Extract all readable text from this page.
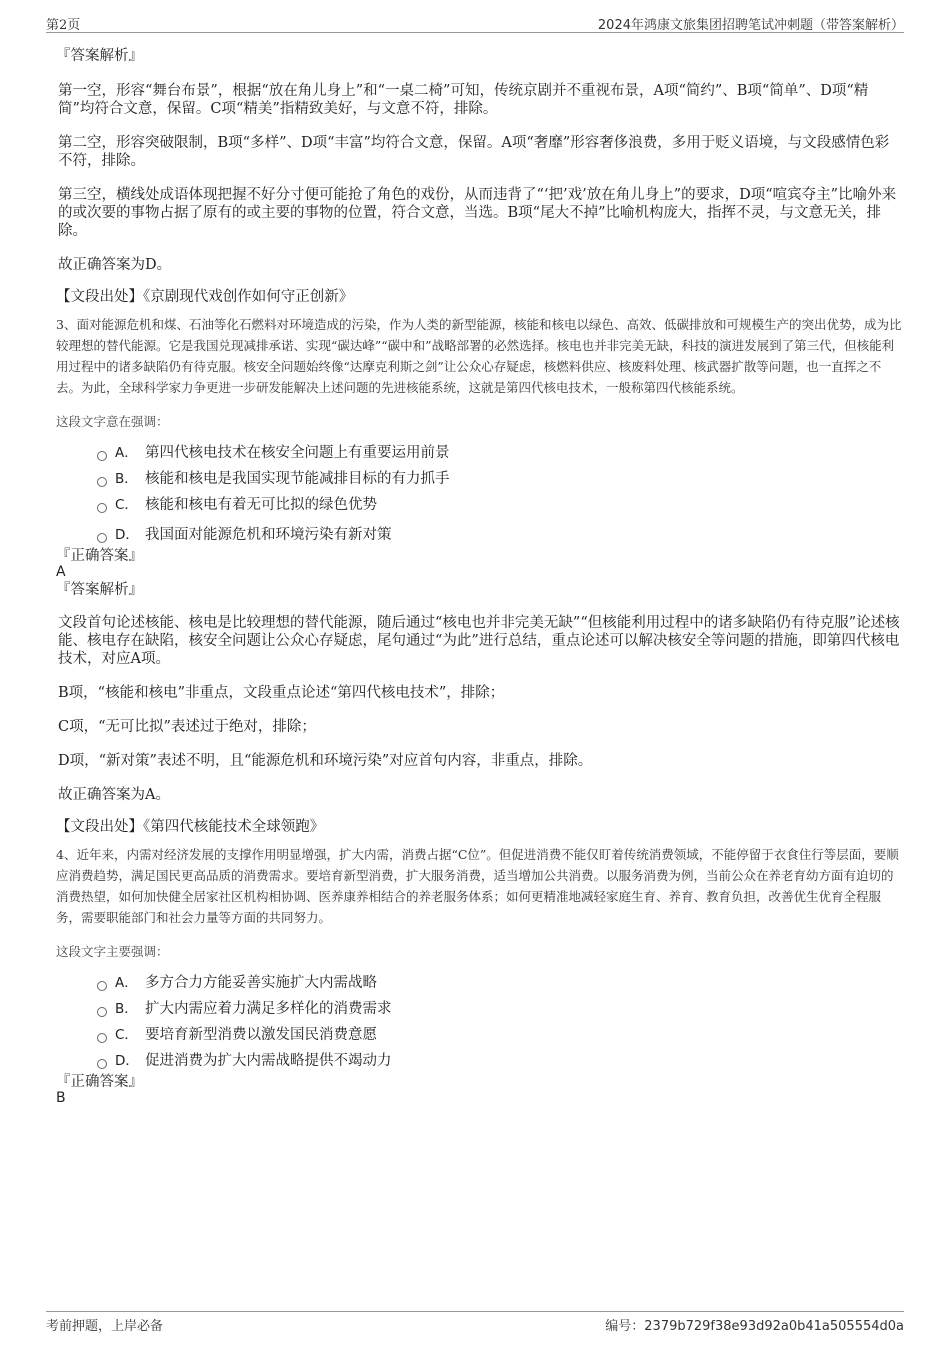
第2页	2024年鸿康文旅集团招聘笔试冲刺题（带答案解析）

『答案解析』

第一空，形容“舞台布景”，根据“放在角儿身上”和“一桌二椅”可知，传统京剧并不重视布景，A项“简约”、B项“简单”、D项“精简”均符合文意，保留。C项“精美”指精致美好，与文意不符，排除。

第二空，形容突破限制，B项“多样”、D项“丰富”均符合文意，保留。A项“奢靡”形容奢侈浪费，多用于贬义语境，与文段感情色彩不符，排除。

第三空，横线处成语体现把握不好分寸便可能抢了角色的戏份，从而违背了“‘把’戏’放在角儿身上”的要求，D项“喧宾夺主”比喻外来的或次要的事物占据了原有的或主要的事物的位置，符合文意，当选。B项“尾大不掉”比喻机构庞大，指挥不灵，与文意无关，排除。

故正确答案为D。

【文段出处】《京剧现代戏创作如何守正创新》

3、面对能源危机和煤、石油等化石燃料对环境造成的污染，作为人类的新型能源，核能和核电以绿色、高效、低碳排放和可规模生产的突出优势，成为比较理想的替代能源。它是我国兑现减排承诺、实现“碳达峰”“碳中和”战略部署的必然选择。核电也并非完美无缺，科技的演进发展到了第三代，但核能利用过程中的诸多缺陷仍有待克服。核安全问题始终像“达摩克利斯之剑”让公众心存疑虑，核燃料供应、核废料处理、核武器扩散等问题，也一直挥之不去。为此，全球科学家力争更进一步研发能解决上述问题的先进核能系统，这就是第四代核电技术，一般称第四代核能系统。

这段文字意在强调：

A． 第四代核电技术在核安全问题上有重要运用前景
B． 核能和核电是我国实现节能减排目标的有力抓手
C． 核能和核电有着无可比拟的绿色优势
D． 我国面对能源危机和环境污染有新对策

『正确答案』

A

『答案解析』

文段首句论述核能、核电是比较理想的替代能源，随后通过“核电也并非完美无缺”“但核能利用过程中的诸多缺陷仍有待克服”论述核能、核电存在缺陷，核安全问题让公众心存疑虑，尾句通过“为此”进行总结，重点论述可以解决核安全等问题的措施，即第四代核电技术，对应A项。

B项，“核能和核电”非重点，文段重点论述“第四代核电技术”，排除；

C项，“无可比拟”表述过于绝对，排除；

D项，“新对策”表述不明，且“能源危机和环境污染”对应首句内容，非重点，排除。

故正确答案为A。

【文段出处】《第四代核能技术全球领跑》

4、近年来，内需对经济发展的支撑作用明显增强，扩大内需，消费占据“C位”。但促进消费不能仅盯着传统消费领域，不能停留于衣食住行等层面，要顺应消费趋势，满足国民更高品质的消费需求。要培育新型消费，扩大服务消费，适当增加公共消费。以服务消费为例，当前公众在养老育幼方面有迫切的消费热望，如何加快健全居家社区机构相协调、医养康养相结合的养老服务体系；如何更精准地减轻家庭生育、养育、教育负担，改善优生优育全程服务，需要职能部门和社会力量等方面的共同努力。

这段文字主要强调：

A． 多方合力方能妥善实施扩大内需战略
B． 扩大内需应着力满足多样化的消费需求
C． 要培育新型消费以激发国民消费意愿
D． 促进消费为扩大内需战略提供不竭动力

『正确答案』

B

考前押题，上岸必备	编号：2379b729f38e93d92a0b41a505554d0a
